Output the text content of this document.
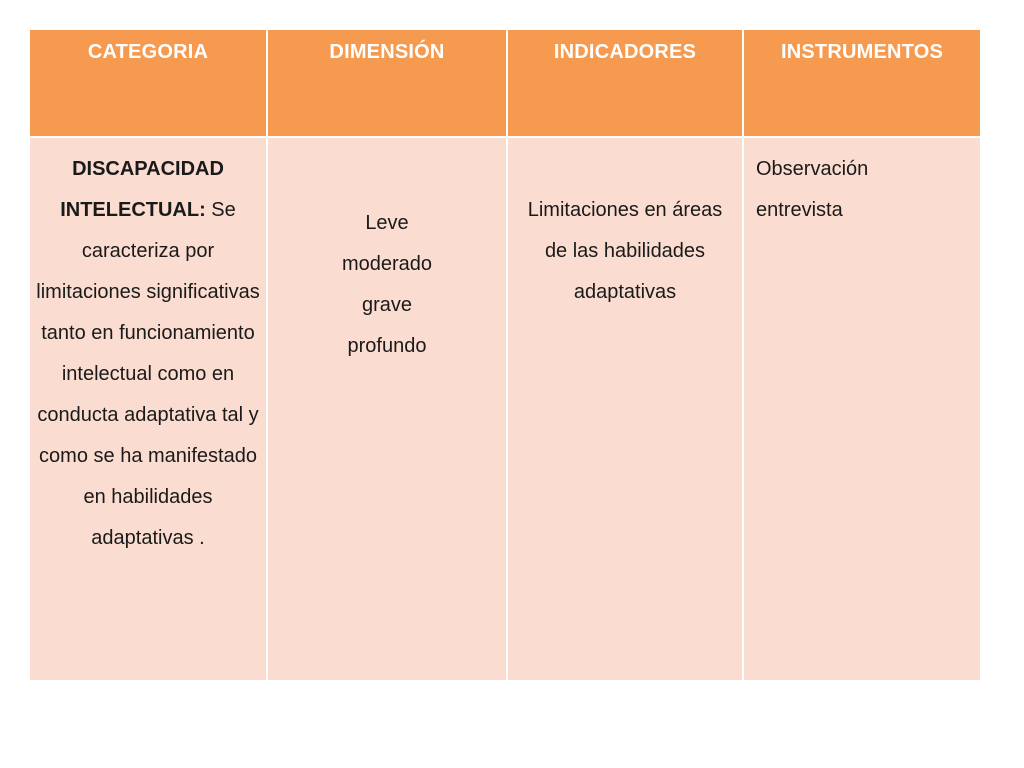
CATEGORIA	DIMENSIÓN	INDICADORES	INSTRUMENTOS
DISCAPACIDAD INTELECTUAL: Se caracteriza por limitaciones significativas tanto en funcionamiento intelectual como en conducta adaptativa tal y como se ha manifestado en habilidades adaptativas .	Leve
moderado
grave
profundo	Limitaciones en áreas de las habilidades adaptativas	Observación
entrevista
